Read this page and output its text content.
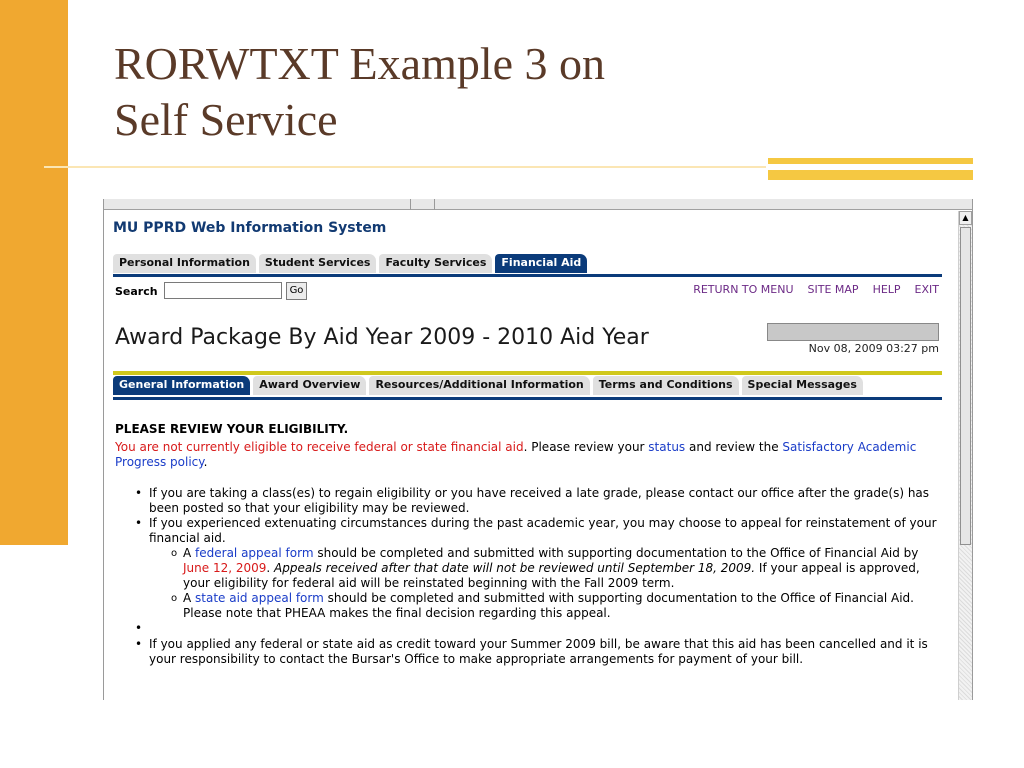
RORWTXT Example 3 on
Self Service
MU PPRD Web Information System
Personal Information	Student Services	Faculty Services	Financial Aid
Search	Go	RETURN TO MENU SITE MAP HELP EXIT
Award Package By Aid Year 2009 - 2010 Aid Year	Nov 08, 2009 03:27 pm
General Information	Award Overview	Resources/Additional Information	Terms and Conditions	Special Messages
PLEASE REVIEW YOUR ELIGIBILITY.
You are not currently eligible to receive federal or state financial aid. Please review your status and review the Satisfactory Academic Progress policy.
• If you are taking a class(es) to regain eligibility or you have received a late grade, please contact our office after the grade(s) has been posted so that your eligibility may be reviewed.
• If you experienced extenuating circumstances during the past academic year, you may choose to appeal for reinstatement of your financial aid.
o A federal appeal form should be completed and submitted with supporting documentation to the Office of Financial Aid by June 12, 2009. Appeals received after that date will not be reviewed until September 18, 2009. If your appeal is approved, your eligibility for federal aid will be reinstated beginning with the Fall 2009 term.
o A state aid appeal form should be completed and submitted with supporting documentation to the Office of Financial Aid. Please note that PHEAA makes the final decision regarding this appeal.
•
• If you applied any federal or state aid as credit toward your Summer 2009 bill, be aware that this aid has been cancelled and it is your responsibility to contact the Bursar's Office to make appropriate arrangements for payment of your bill.
▲
